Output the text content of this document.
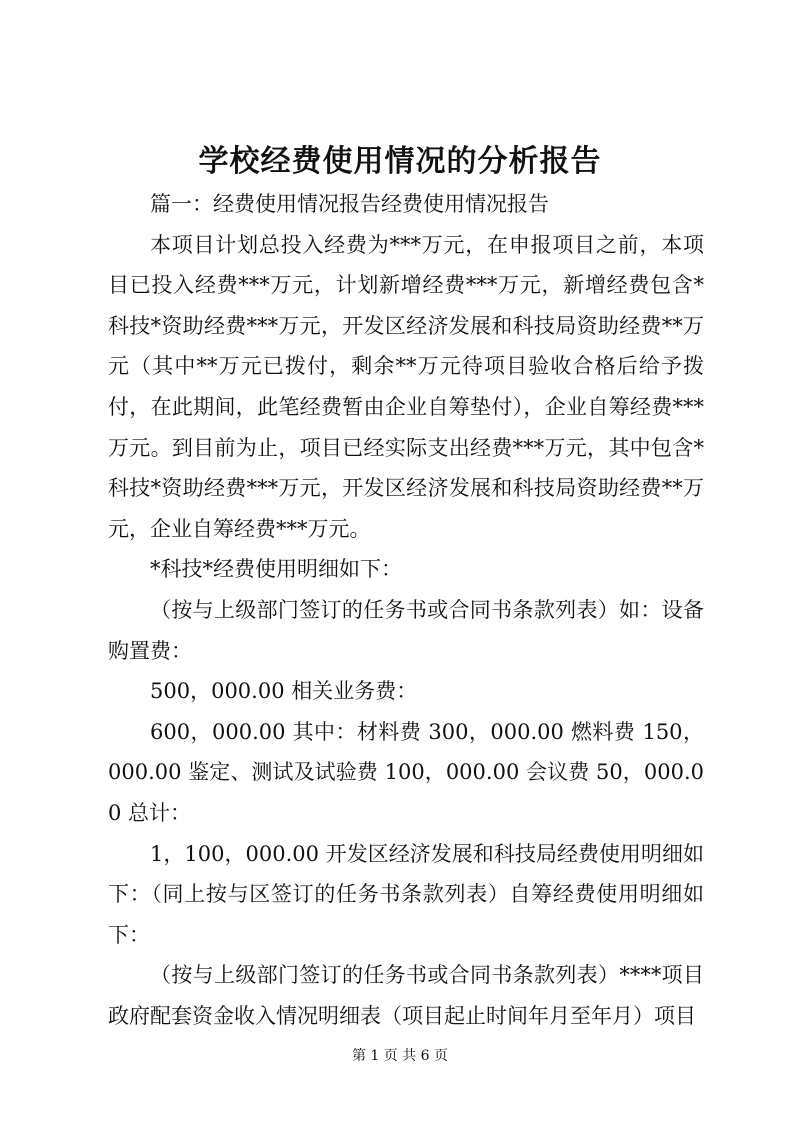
学校经费使用情况的分析报告

篇一：经费使用情况报告经费使用情况报告

本项目计划总投入经费为***万元，在申报项目之前，本项目已投入经费***万元，计划新增经费***万元，新增经费包含*科技*资助经费***万元，开发区经济发展和科技局资助经费**万元（其中**万元已拨付，剩余**万元待项目验收合格后给予拨付，在此期间，此笔经费暂由企业自筹垫付），企业自筹经费***万元。到目前为止，项目已经实际支出经费***万元，其中包含*科技*资助经费***万元，开发区经济发展和科技局资助经费**万元，企业自筹经费***万元。

*科技*经费使用明细如下：

（按与上级部门签订的任务书或合同书条款列表）如：设备购置费：

500，000.00 相关业务费：

600，000.00 其中：材料费 300，000.00 燃料费 150，000.00 鉴定、测试及试验费 100，000.00 会议费 50，000.00 总计：

1，100，000.00 开发区经济发展和科技局经费使用明细如下：（同上按与区签订的任务书条款列表）自筹经费使用明细如下：

（按与上级部门签订的任务书或合同书条款列表）****项目政府配套资金收入情况明细表（项目起止时间年月至年月）项目

第 1 页 共 6 页
